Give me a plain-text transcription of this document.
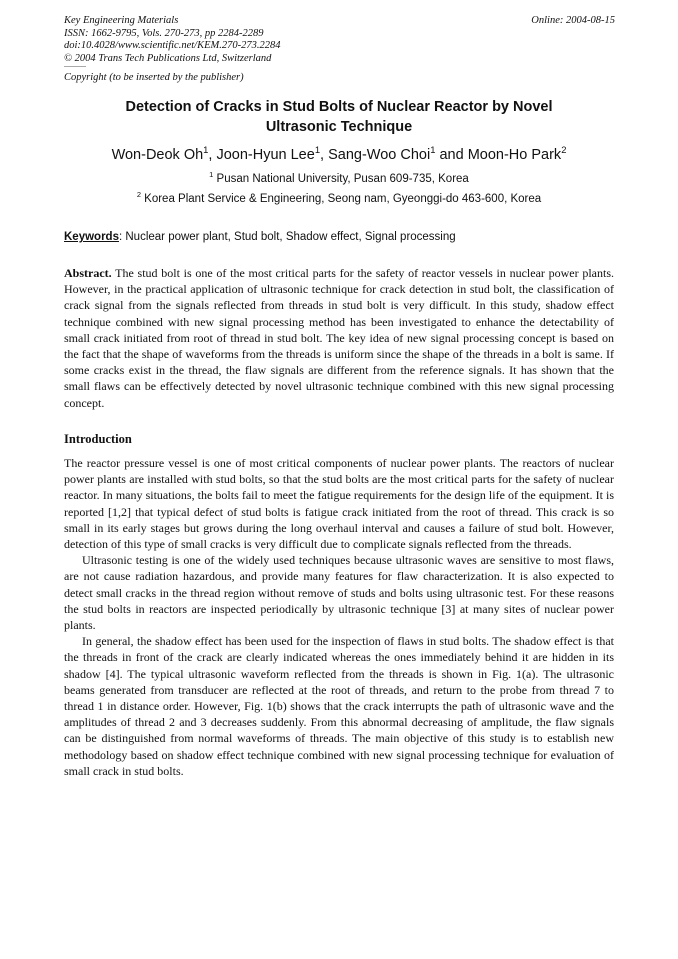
Key Engineering Materials
ISSN: 1662-9795, Vols. 270-273, pp 2284-2289
doi:10.4028/www.scientific.net/KEM.270-273.2284
© 2004 Trans Tech Publications Ltd, Switzerland
Online: 2004-08-15
Copyright (to be inserted by the publisher)
Detection of Cracks in Stud Bolts of Nuclear Reactor by Novel
Ultrasonic Technique
Won-Deok Oh$^1$, Joon-Hyun Lee$^1$, Sang-Woo Choi$^1$ and Moon-Ho Park$^2$
$^1$ Pusan National University, Pusan 609-735, Korea
$^2$ Korea Plant Service & Engineering, Seong nam, Gyeonggi-do 463-600, Korea
Keywords: Nuclear power plant, Stud bolt, Shadow effect, Signal processing

Abstract. The stud bolt is one of the most critical parts for the safety of reactor vessels in nuclear power plants. However, in the practical application of ultrasonic technique for crack detection in stud bolt, the classification of crack signal from the signals reflected from threads in stud bolt is very difficult. In this study, shadow effect technique combined with new signal processing method has been investigated to enhance the detectability of small crack initiated from root of thread in stud bolt. The key idea of new signal processing concept is based on the fact that the shape of waveforms from the threads is uniform since the shape of the threads in a bolt is same. If some cracks exist in the thread, the flaw signals are different from the reference signals. It has shown that the small flaws can be effectively detected by novel ultrasonic technique combined with this new signal processing concept.

Introduction

The reactor pressure vessel is one of most critical components of nuclear power plants. The reactors of nuclear power plants are installed with stud bolts, so that the stud bolts are the most critical parts for the safety of nuclear reactor. In many situations, the bolts fail to meet the fatigue requirements for the design life of the equipment. It is reported [1,2] that typical defect of stud bolts is fatigue crack initiated from the root of thread. This crack is so small in its early stages but grows during the long overhaul interval and causes a failure of stud bolt. However, detection of this type of small cracks is very difficult due to complicate signals reflected from the threads.

Ultrasonic testing is one of the widely used techniques because ultrasonic waves are sensitive to most flaws, are not cause radiation hazardous, and provide many features for flaw characterization. It is also expected to detect small cracks in the thread region without remove of studs and bolts using ultrasonic test. For these reasons the stud bolts in reactors are inspected periodically by ultrasonic technique [3] at many sites of nuclear power plants.

In general, the shadow effect has been used for the inspection of flaws in stud bolts. The shadow effect is that the threads in front of the crack are clearly indicated whereas the ones immediately behind it are hidden in its shadow [4]. The typical ultrasonic waveform reflected from the threads is shown in Fig. 1(a). The ultrasonic beams generated from transducer are reflected at the root of threads, and return to the probe from thread 7 to thread 1 in distance order. However, Fig. 1(b) shows that the crack interrupts the path of ultrasonic wave and the amplitudes of thread 2 and 3 decreases suddenly. From this abnormal decreasing of amplitude, the flaw signals can be distinguished from normal waveforms of threads. The main objective of this study is to establish new methodology based on shadow effect technique combined with new signal processing technique for evaluation of small crack in stud bolts.
